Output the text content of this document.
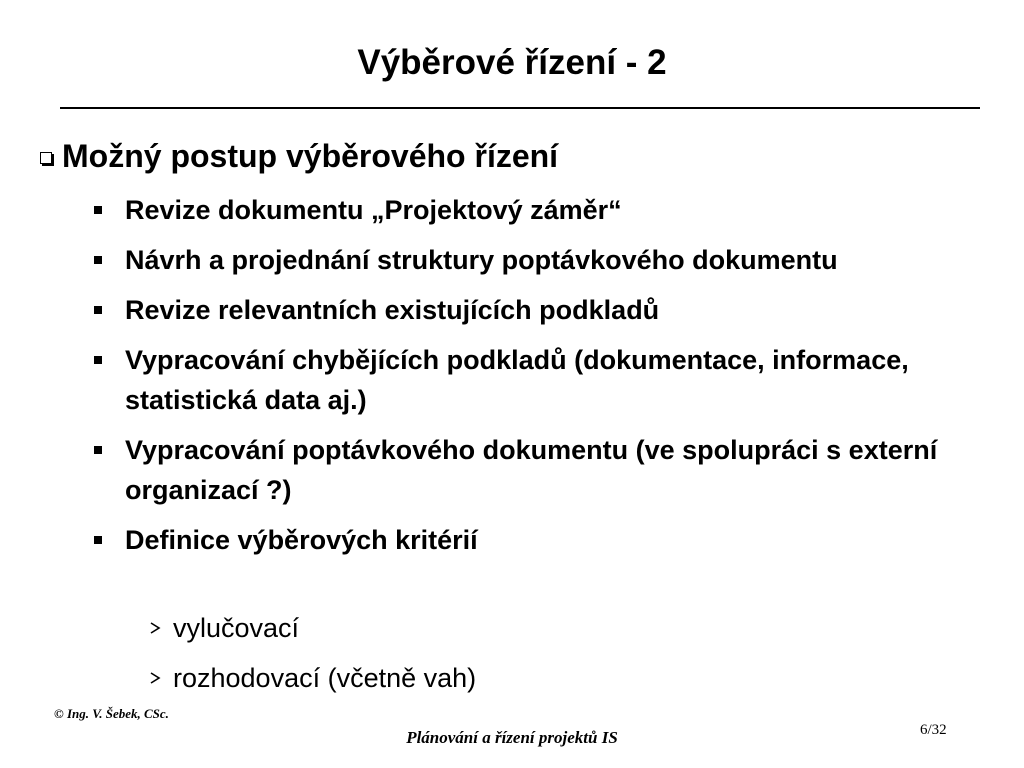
Výběrové řízení - 2
Možný postup výběrového řízení
Revize dokumentu „Projektový záměr“
Návrh a projednání struktury poptávkového dokumentu
Revize relevantních existujících podkladů
Vypracování chybějících podkladů (dokumentace, informace, statistická data aj.)
Vypracování poptávkového dokumentu (ve spolupráci s externí organizací ?)
Definice výběrových kritérií
vylučovací
rozhodovací (včetně vah)
© Ing. V. Šebek, CSc.
Plánování a řízení projektů IS	6/32
